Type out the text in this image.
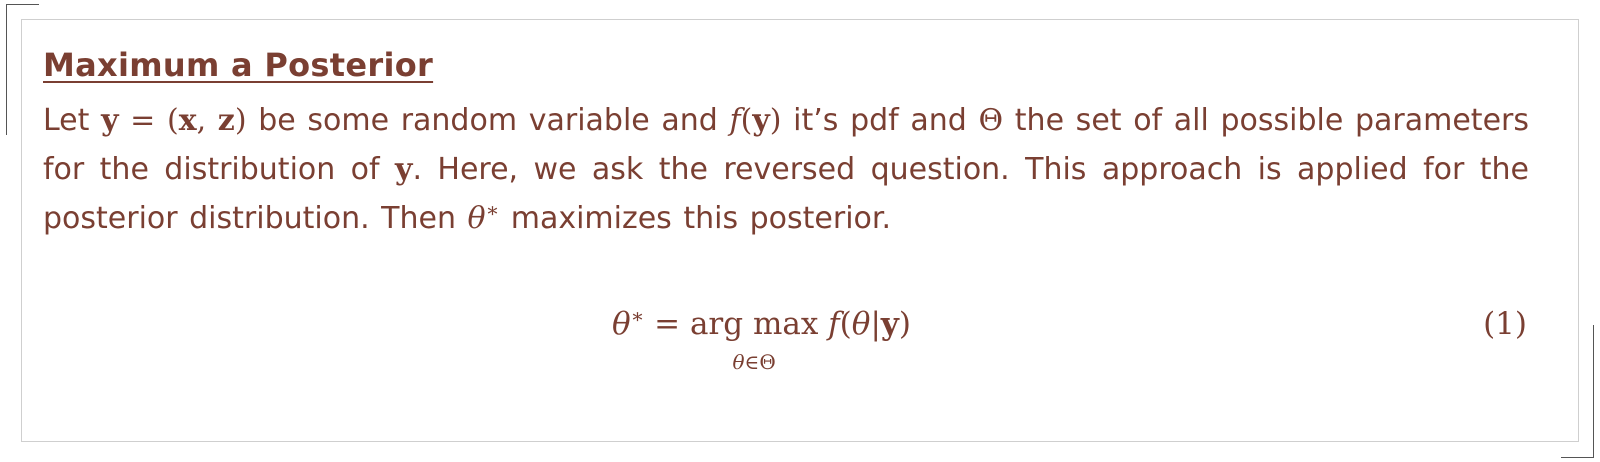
Maximum a Posterior
Let y = (x, z) be some random variable and f(y) it’s pdf and Θ the set of all possible parameters for the distribution of y. Here, we ask the reversed question. This approach is applied for the posterior distribution. Then θ∗ maximizes this posterior.
θ∗ = arg max
θ∈Θ
f(θ|y)	(1)
